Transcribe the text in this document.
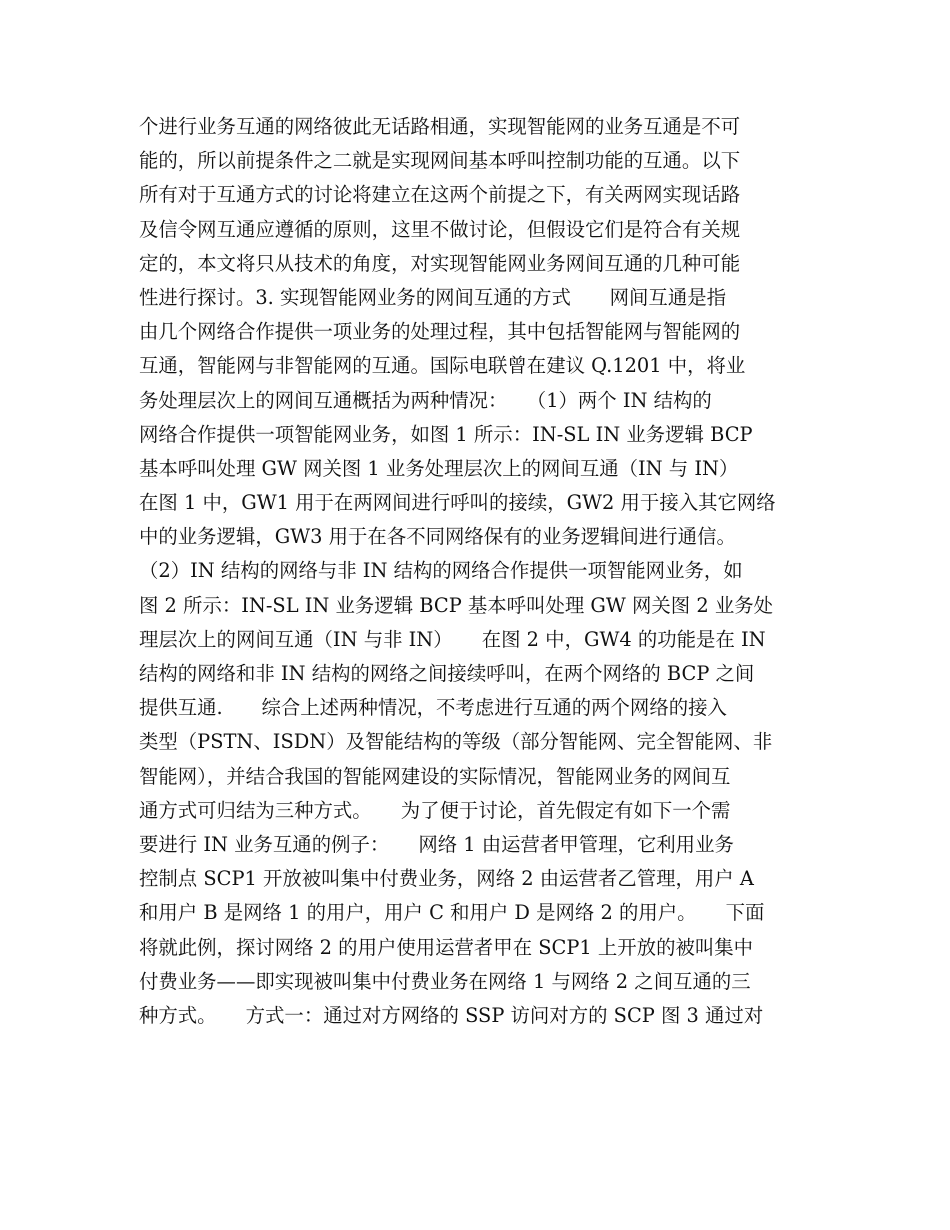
个进行业务互通的网络彼此无话路相通，实现智能网的业务互通是不可
能的，所以前提条件之二就是实现网间基本呼叫控制功能的互通。以下
所有对于互通方式的讨论将建立在这两个前提之下，有关两网实现话路
及信令网互通应遵循的原则，这里不做讨论，但假设它们是符合有关规
定的，本文将只从技术的角度，对实现智能网业务网间互通的几种可能
性进行探讨。3. 实现智能网业务的网间互通的方式　　网间互通是指
由几个网络合作提供一项业务的处理过程，其中包括智能网与智能网的
互通，智能网与非智能网的互通。国际电联曾在建议 Q.1201 中，将业
务处理层次上的网间互通概括为两种情况：　　（1）两个 IN 结构的
网络合作提供一项智能网业务，如图 1 所示：IN-SL IN 业务逻辑 BCP
基本呼叫处理 GW 网关图 1 业务处理层次上的网间互通（IN 与 IN）
在图 1 中，GW1 用于在两网间进行呼叫的接续，GW2 用于接入其它网络
中的业务逻辑，GW3 用于在各不同网络保有的业务逻辑间进行通信。
（2）IN 结构的网络与非 IN 结构的网络合作提供一项智能网业务，如
图 2 所示：IN-SL IN 业务逻辑 BCP 基本呼叫处理 GW 网关图 2 业务处
理层次上的网间互通（IN 与非 IN）　　在图 2 中，GW4 的功能是在 IN
结构的网络和非 IN 结构的网络之间接续呼叫，在两个网络的 BCP 之间
提供互通.　　综合上述两种情况，不考虑进行互通的两个网络的接入
类型（PSTN、ISDN）及智能结构的等级（部分智能网、完全智能网、非
智能网），并结合我国的智能网建设的实际情况，智能网业务的网间互
通方式可归结为三种方式。　　为了便于讨论，首先假定有如下一个需
要进行 IN 业务互通的例子：　　网络 1 由运营者甲管理，它利用业务
控制点 SCP1 开放被叫集中付费业务，网络 2 由运营者乙管理，用户 A
和用户 B 是网络 1 的用户，用户 C 和用户 D 是网络 2 的用户。　　下面
将就此例，探讨网络 2 的用户使用运营者甲在 SCP1 上开放的被叫集中
付费业务——即实现被叫集中付费业务在网络 1 与网络 2 之间互通的三
种方式。　　方式一：通过对方网络的 SSP 访问对方的 SCP 图 3 通过对
